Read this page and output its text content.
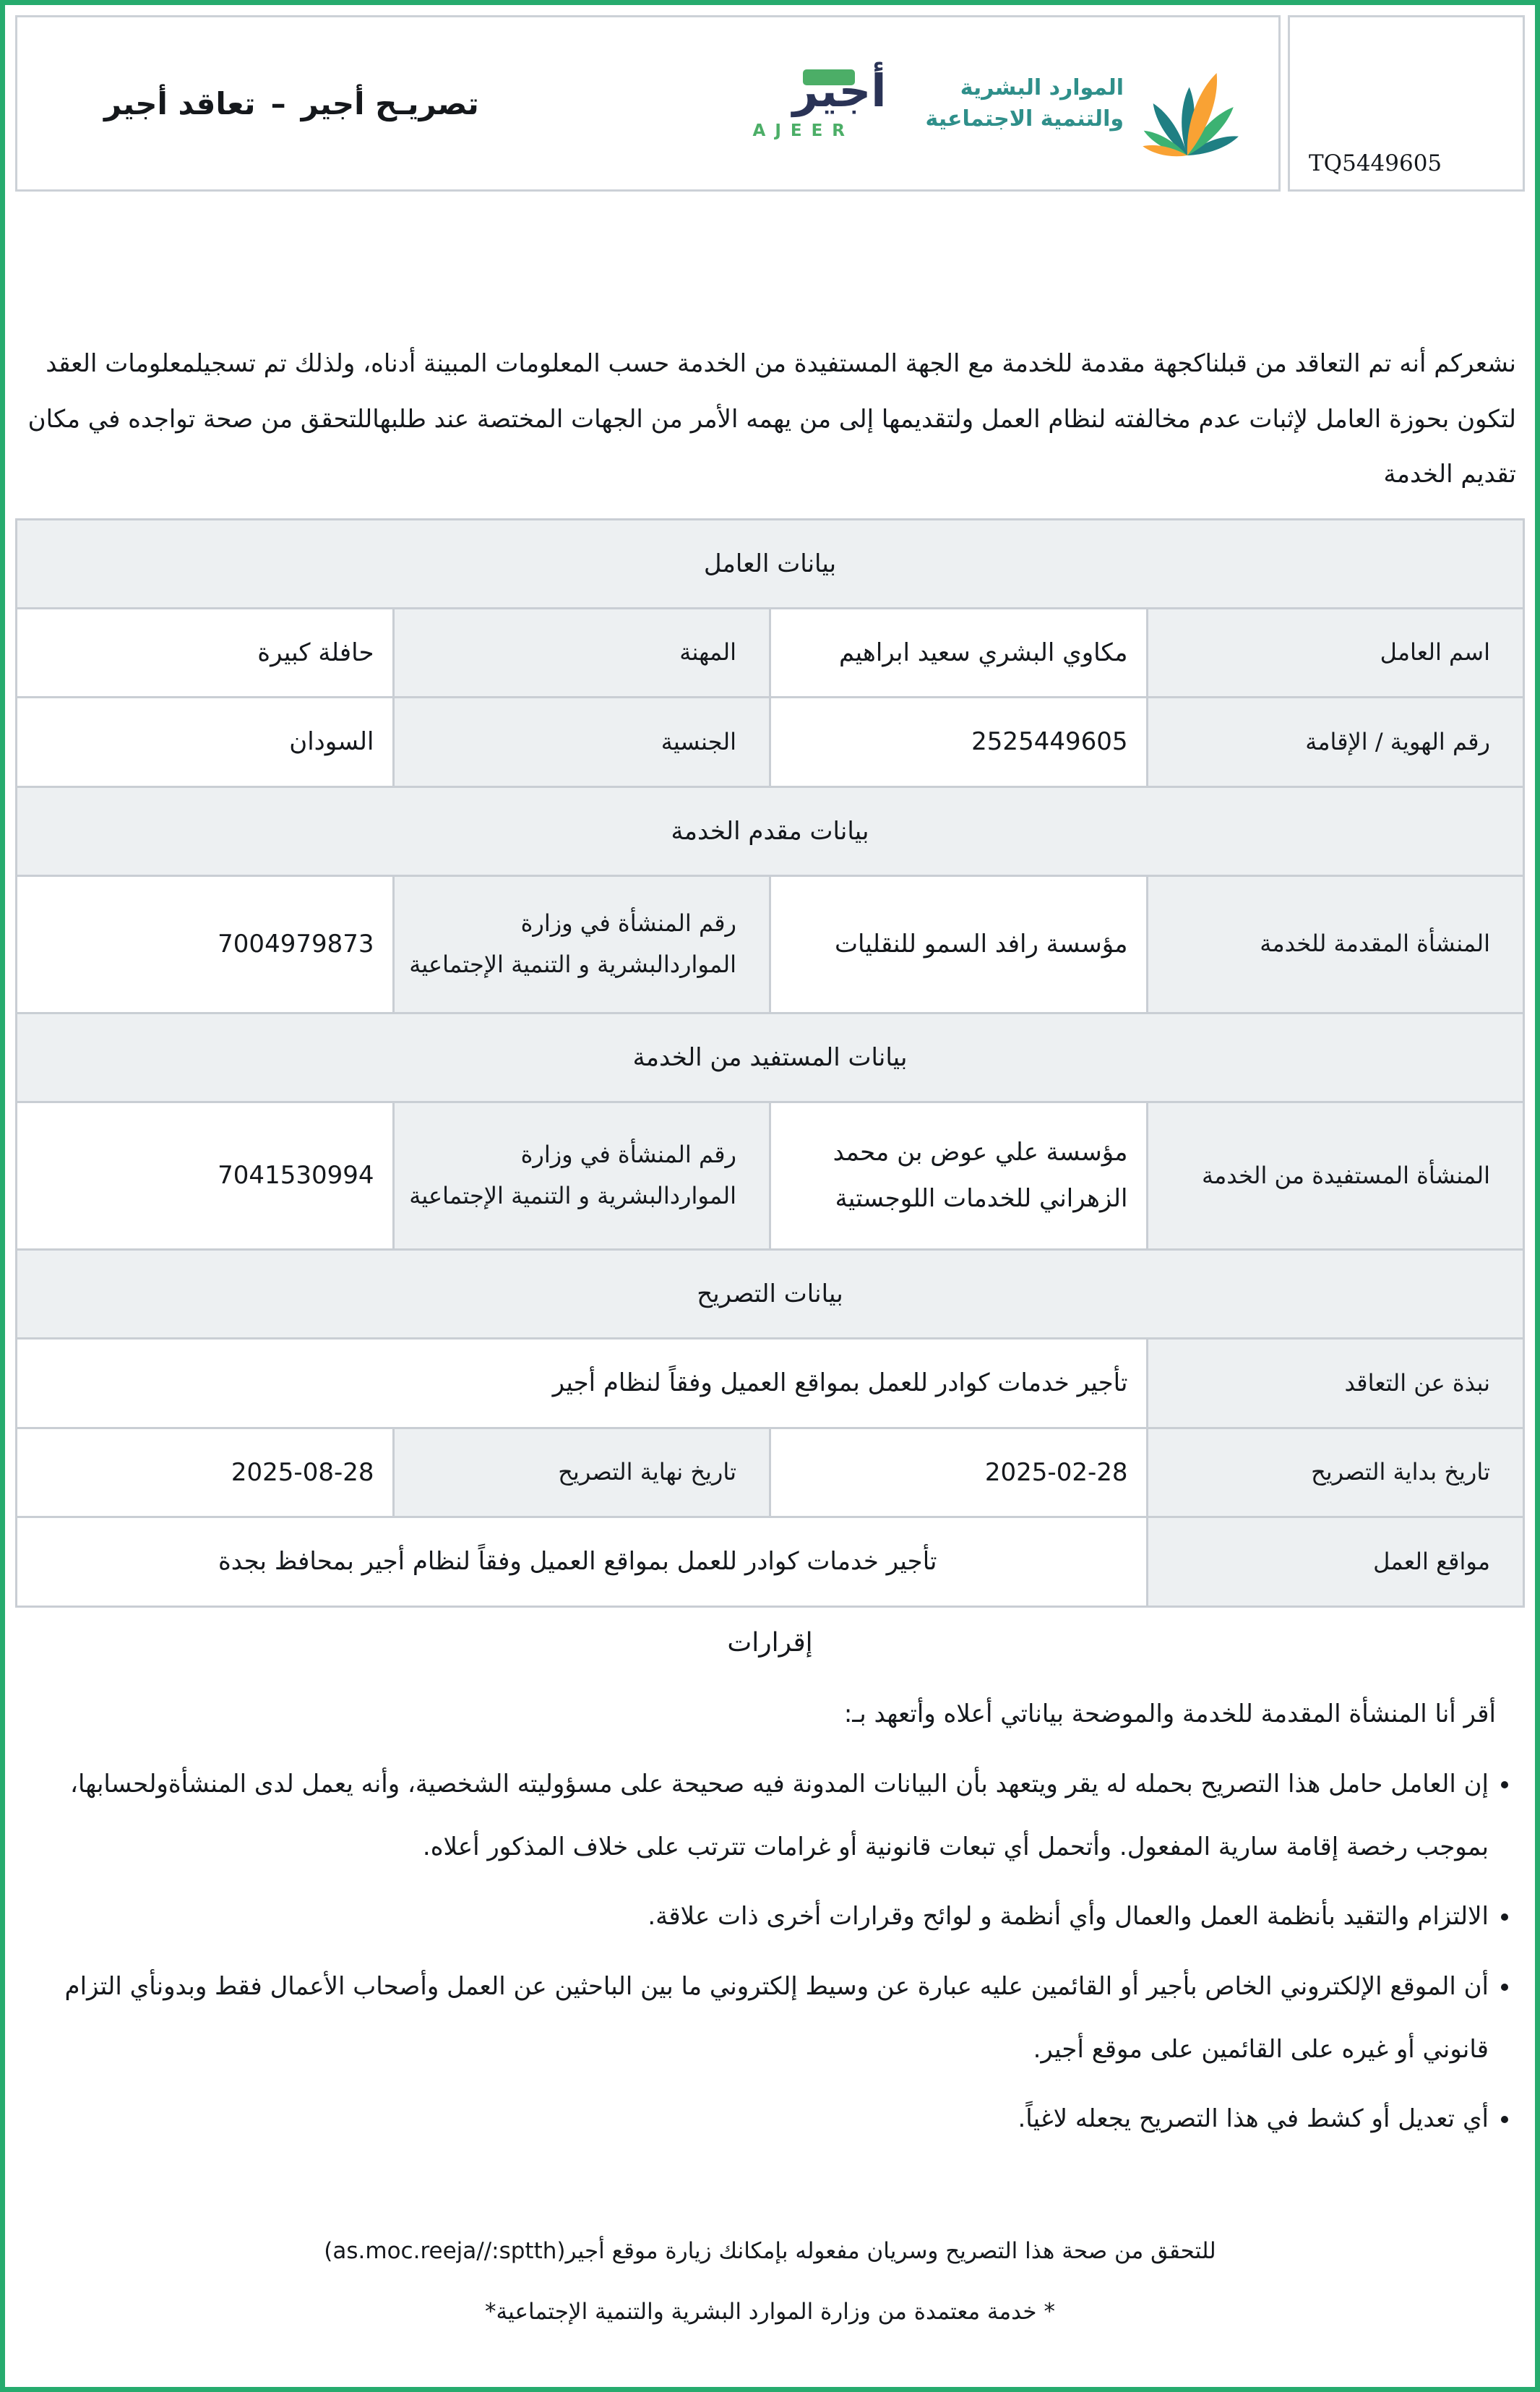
TQ5449605
الموارد البشرية
والتنمية الاجتماعية
أجير
AJEER
تصريـح أجير – تعاقد أجير
نشعركم أنه تم التعاقد من قبلناكجهة مقدمة للخدمة مع الجهة المستفيدة من الخدمة حسب المعلومات المبينة أدناه، ولذلك تم تسجيلمعلومات العقد لتكون بحوزة العامل لإثبات عدم مخالفته لنظام العمل ولتقديمها إلى من يهمه الأمر من الجهات المختصة عند طلبهاللتحقق من صحة تواجده في مكان تقديم الخدمة
بيانات العامل			
اسم العامل	مكاوي البشري سعيد ابراهيم	المهنة	حافلة كبيرة
رقم الهوية / الإقامة	2525449605	الجنسية	السودان
بيانات مقدم الخدمة			
المنشأة المقدمة للخدمة	مؤسسة رافد السمو للنقليات	رقم المنشأة في وزارة المواردالبشرية و التنمية الإجتماعية	7004979873
بيانات المستفيد من الخدمة			
المنشأة المستفيدة من الخدمة	مؤسسة علي عوض بن محمد الزهراني للخدمات اللوجستية	رقم المنشأة في وزارة المواردالبشرية و التنمية الإجتماعية	7041530994
بيانات التصريح			
نبذة عن التعاقد	تأجير خدمات كوادر للعمل بمواقع العميل وفقاً لنظام أجير		
تاريخ بداية التصريح	2025-02-28	تاريخ نهاية التصريح	2025-08-28
مواقع العمل	تأجير خدمات كوادر للعمل بمواقع العميل وفقاً لنظام أجير بمحافظ بجدة		
إقرارات
أقر أنا المنشأة المقدمة للخدمة والموضحة بياناتي أعلاه وأتعهد بـ:
• إن العامل حامل هذا التصريح بحمله له يقر ويتعهد بأن البيانات المدونة فيه صحيحة على مسؤوليته الشخصية، وأنه يعمل لدى المنشأةولحسابها، بموجب رخصة إقامة سارية المفعول. وأتحمل أي تبعات قانونية أو غرامات تترتب على خلاف المذكور أعلاه.
• الالتزام والتقيد بأنظمة العمل والعمال وأي أنظمة و لوائح وقرارات أخرى ذات علاقة.
• أن الموقع الإلكتروني الخاص بأجير أو القائمين عليه عبارة عن وسيط إلكتروني ما بين الباحثين عن العمل وأصحاب الأعمال فقط وبدونأي التزام قانوني أو غيره على القائمين على موقع أجير.
• أي تعديل أو كشط في هذا التصريح يجعله لاغياً.
للتحقق من صحة هذا التصريح وسريان مفعوله بإمكانك زيارة موقع أجير(as.moc.reeja//:sptth)
* خدمة معتمدة من وزارة الموارد البشرية والتنمية الإجتماعية*
